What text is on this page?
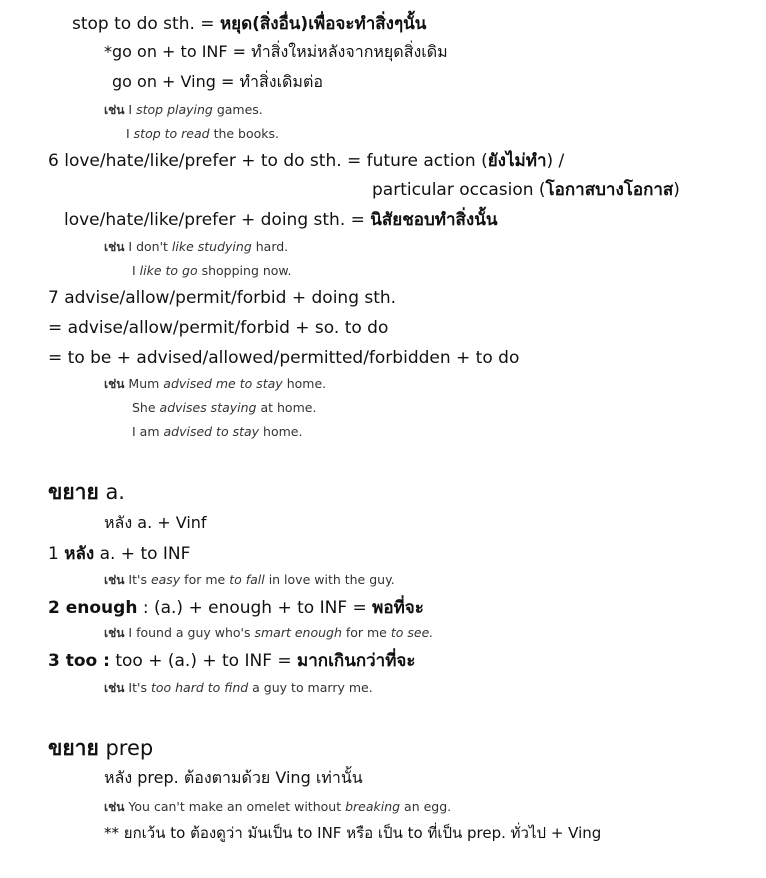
stop to do sth. = หยุด(สิ่งอื่น)เพื่อจะทำสิ่งๆนั้น
*go on + to INF = ทำสิ่งใหม่หลังจากหยุดสิ่งเดิม
go on + Ving = ทำสิ่งเดิมต่อ
เช่น I stop playing games.
I stop to read the books.
6 love/hate/like/prefer + to do sth. = future action (ยังไม่ทำ) /
particular occasion (โอกาสบางโอกาส)
love/hate/like/prefer + doing sth. = นิสัยชอบทำสิ่งนั้น
เช่น I don't like studying hard.
I like to go shopping now.
7 advise/allow/permit/forbid + doing sth.
= advise/allow/permit/forbid + so. to do
= to be + advised/allowed/permitted/forbidden + to do
เช่น Mum advised me to stay home.
She advises staying at home.
I am advised to stay home.
ขยาย a.
หลัง a. + Vinf
1 หลัง a. + to INF
เช่น It's easy for me to fall in love with the guy.
2 enough : (a.) + enough + to INF = พอที่จะ
เช่น I found a guy who's smart enough for me to see.
3 too : too + (a.) + to INF = มากเกินกว่าที่จะ
เช่น It's too hard to find a guy to marry me.
ขยาย prep
หลัง prep. ต้องตามด้วย Ving เท่านั้น
เช่น You can't make an omelet without breaking an egg.
** ยกเว้น to ต้องดูว่า มันเป็น to INF หรือ เป็น to ที่เป็น prep. ทั่วไป + Ving
